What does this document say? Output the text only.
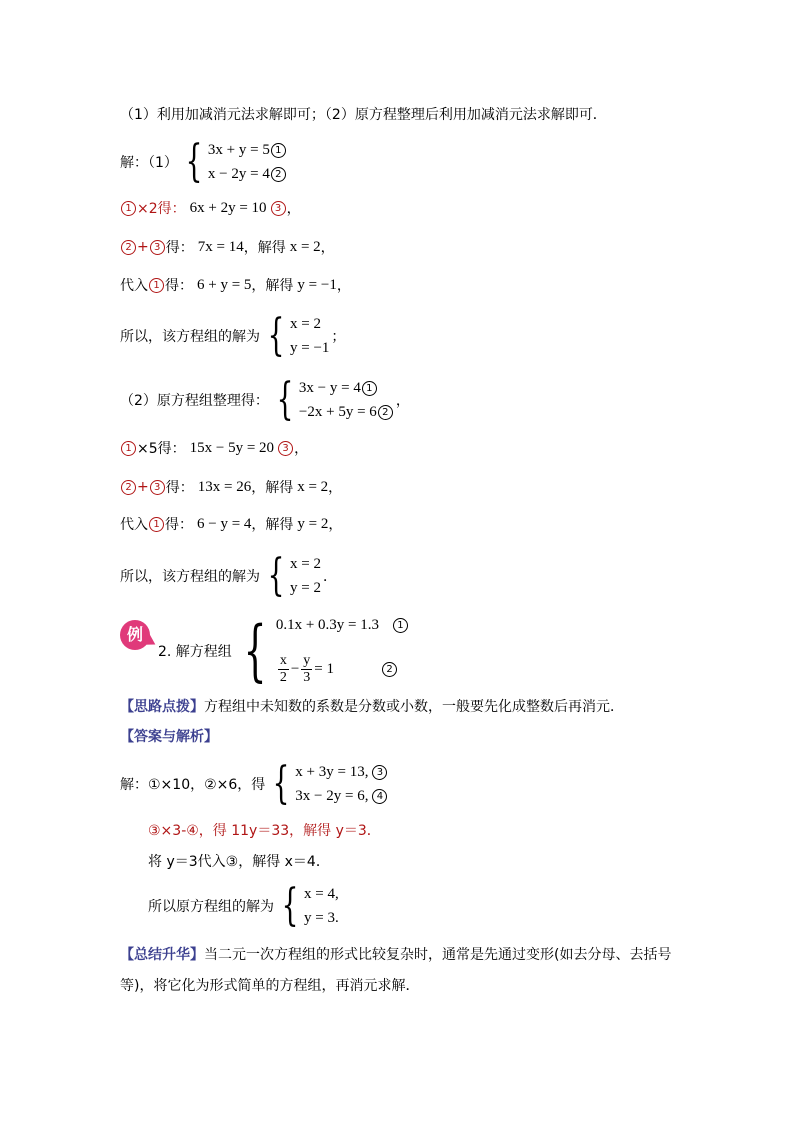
（1）利用加减消元法求解即可；（2）原方程整理后利用加减消元法求解即可．
解：（1） { 3x + y = 5 1
x − 2y = 4 2
1 ×2得： 6x + 2y = 10 3 ，
2 + 3 得： 7x = 14 ，解得 x = 2 ，
代入 1 得： 6 + y = 5 ，解得 y = −1 ，
所以，该方程组的解为 { x = 2
y = −1
；
（2）原方程组整理得： { 3x − y = 4 1
−2x + 5y = 6 2
，
1 ×5得： 15x − 5y = 20 3 ，
2 + 3 得： 13x = 26 ，解得 x = 2 ，
代入 1 得： 6 − y = 4 ，解得 y = 2 ，
所以，该方程组的解为 { x = 2
y = 2
．
例
2. 解方程组 { 0.1x + 0.3y = 1.3 1
$\frac{x}{2} - \frac{y}{3} = 1$	2
【思路点拨】 方程组中未知数的系数是分数或小数，一般要先化成整数后再消元．
【答案与解析】
解：①×10，②×6，得 { x + 3y = 13, 3
3x − 2y = 6, 4
③×3-④，得 11y＝33，解得 y＝3．
将 y＝3代入③，解得 x＝4．
所以原方程组的解为 { x = 4,
y = 3.
【总结升华】 当二元一次方程组的形式比较复杂时，通常是先通过变形(如去分母、去括号
等)，将它化为形式简单的方程组，再消元求解．
